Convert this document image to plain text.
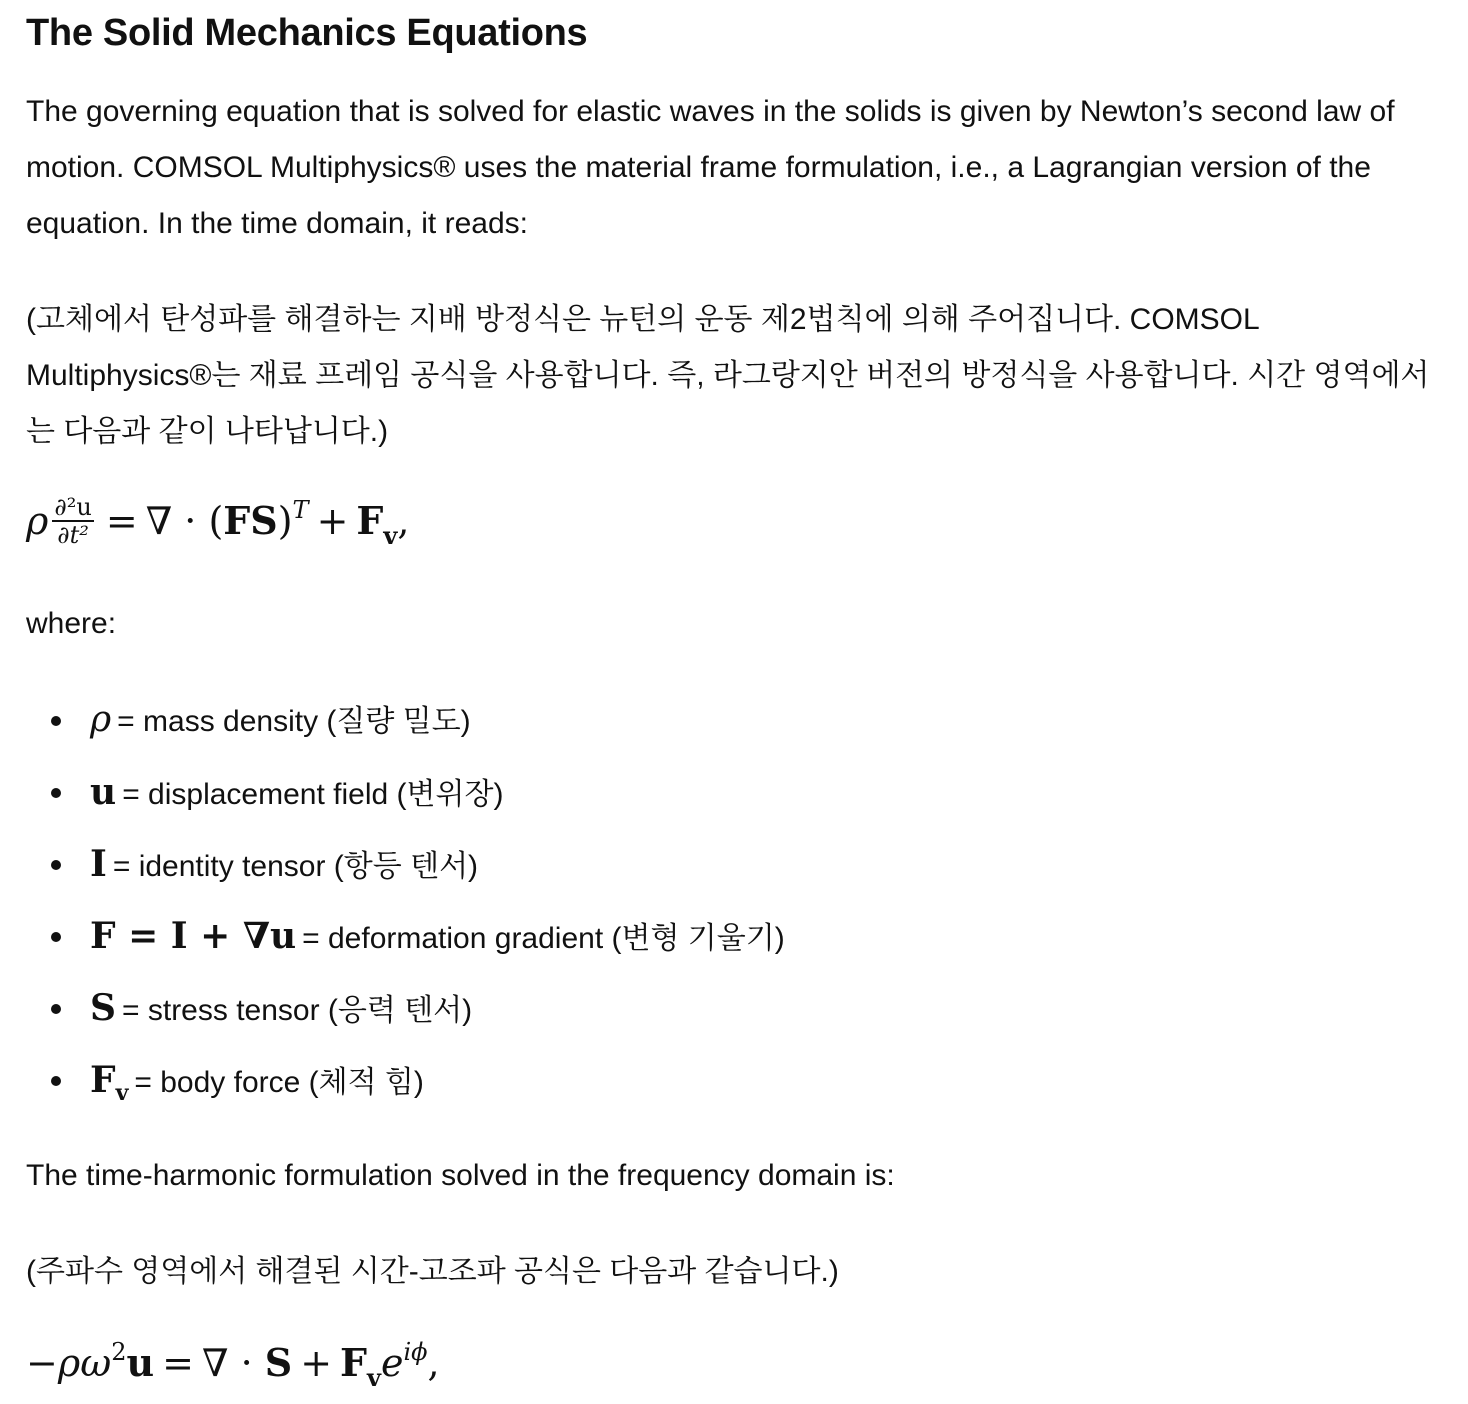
The Solid Mechanics Equations

The governing equation that is solved for elastic waves in the solids is given by Newton’s second law of motion. COMSOL Multiphysics® uses the material frame formulation, i.e., a Lagrangian version of the equation. In the time domain, it reads:

(고체에서 탄성파를 해결하는 지배 방정식은 뉴턴의 운동 제2법칙에 의해 주어집니다. COMSOL Multiphysics®는 재료 프레임 공식을 사용합니다. 즉, 라그랑지안 버전의 방정식을 사용합니다. 시간 영역에서는 다음과 같이 나타납니다.)

ρ $\frac{\text{∂²u}}{\text{∂t²}}$ = ∇ · $(FS)^T + F_v$,

where:

ρ = mass density (질량 밀도)
u = displacement field (변위장)
I = identity tensor (항등 텐서)
F = I + ∇u = deformation gradient (변형 기울기)
S = stress tensor (응력 텐서)
$F_v$ = body force (체적 힘)

The time-harmonic formulation solved in the frequency domain is:

(주파수 영역에서 해결된 시간-고조파 공식은 다음과 같습니다.)

$-\rho\omega^2u$ = ∇ · $S + F_ve^{i\phi}$,
